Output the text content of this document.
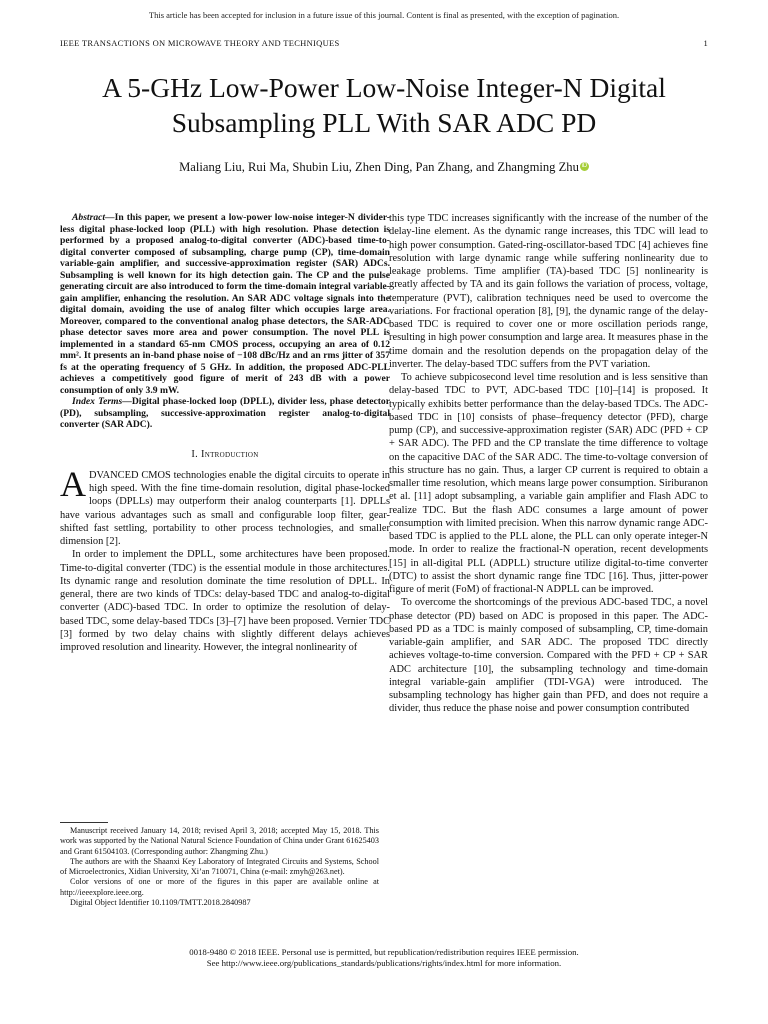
This article has been accepted for inclusion in a future issue of this journal. Content is final as presented, with the exception of pagination.
IEEE TRANSACTIONS ON MICROWAVE THEORY AND TECHNIQUES	1
A 5-GHz Low-Power Low-Noise Integer-N Digital
Subsampling PLL With SAR ADC PD
Maliang Liu, Rui Ma, Shubin Liu, Zhen Ding, Pan Zhang, and Zhangming Zhu iD

Abstract—In this paper, we present a low-power low-noise integer-N divider-less digital phase-locked loop (PLL) with high resolution. Phase detection is performed by a proposed analog-to-digital converter (ADC)-based time-to-digital converter composed of subsampling, charge pump (CP), time-domain variable-gain amplifier, and successive-approximation register (SAR) ADCs. Subsampling is well known for its high detection gain. The CP and the pulse generating circuit are also introduced to form the time-domain integral variable-gain amplifier, enhancing the resolution. An SAR ADC voltage signals into the digital domain, avoiding the use of analog filter which occupies large area. Moreover, compared to the conventional analog phase detectors, the SAR-ADC phase detector saves more area and power consumption. The novel PLL is implemented in a standard 65-nm CMOS process, occupying an area of 0.12 mm². It presents an in-band phase noise of −108 dBc/Hz and an rms jitter of 357 fs at the operating frequency of 5 GHz. In addition, the proposed ADC-PLL achieves a competitively good figure of merit of 243 dB with a power consumption of only 3.9 mW.

Index Terms—Digital phase-locked loop (DPLL), divider less, phase detector (PD), subsampling, successive-approximation register analog-to-digital converter (SAR ADC).

I. Introduction

ADVANCED CMOS technologies enable the digital circuits to operate in high speed. With the fine time-domain resolution, digital phase-locked loops (DPLLs) may outperform their analog counterparts [1]. DPLLs have various advantages such as small and configurable loop filter, gear-shifted fast settling, portability to other process technologies, and smaller dimension [2].

In order to implement the DPLL, some architectures have been proposed. Time-to-digital converter (TDC) is the essential module in those architectures. Its dynamic range and resolution dominate the time resolution of DPLL. In general, there are two kinds of TDCs: delay-based TDC and analog-to-digital converter (ADC)-based TDC. In order to optimize the resolution of delay-based TDC, some delay-based TDCs [3]–[7] have been proposed. Vernier TDC [3] formed by two delay chains with slightly different delays achieves improved resolution and linearity. However, the integral nonlinearity of

Manuscript received January 14, 2018; revised April 3, 2018; accepted May 15, 2018. This work was supported by the National Natural Science Foundation of China under Grant 61625403 and Grant 61504103. (Corresponding author: Zhangming Zhu.)

The authors are with the Shaanxi Key Laboratory of Integrated Circuits and Systems, School of Microelectronics, Xidian University, Xi’an 710071, China (e-mail: zmyh@263.net).

Color versions of one or more of the figures in this paper are available online at http://ieeexplore.ieee.org.

Digital Object Identifier 10.1109/TMTT.2018.2840987

this type TDC increases significantly with the increase of the number of the delay-line element. As the dynamic range increases, this TDC will lead to high power consumption. Gated-ring-oscillator-based TDC [4] achieves fine resolution with large dynamic range while suffering nonlinearity due to leakage problems. Time amplifier (TA)-based TDC [5] nonlinearity is greatly affected by TA and its gain follows the variation of process, voltage, temperature (PVT), calibration techniques need be used to overcome the variations. For fractional operation [8], [9], the dynamic range of the delay-based TDC is required to cover one or more oscillation periods range, resulting in high power consumption and large area. It measures phase in the time domain and the resolution depends on the propagation delay of the inverter. The delay-based TDC suffers from the PVT variation.

To achieve subpicosecond level time resolution and is less sensitive than delay-based TDC to PVT, ADC-based TDC [10]–[14] is proposed. It typically exhibits better performance than the delay-based TDCs. The ADC-based TDC in [10] consists of phase–frequency detector (PFD), charge pump (CP), and successive-approximation register (SAR) ADC (PFD + CP + SAR ADC). The PFD and the CP translate the time difference to voltage on the capacitive DAC of the SAR ADC. The time-to-voltage conversion of this structure has no gain. Thus, a larger CP current is required to obtain a smaller time resolution, which means large power consumption. Siriburanon et al. [11] adopt subsampling, a variable gain amplifier and Flash ADC to realize TDC. But the flash ADC consumes a large amount of power consumption with limited precision. When this narrow dynamic range ADC-based TDC is applied to the PLL alone, the PLL can only operate integer-N mode. In order to realize the fractional-N operation, recent developments [15] in all-digital PLL (ADPLL) structure utilize digital-to-time converter (DTC) to assist the short dynamic range fine TDC [16]. Thus, jitter-power figure of merit (FoM) of fractional-N ADPLL can be improved.

To overcome the shortcomings of the previous ADC-based TDC, a novel phase detector (PD) based on ADC is proposed in this paper. The ADC-based PD as a TDC is mainly composed of subsampling, CP, time-domain variable-gain amplifier, and SAR ADC. The proposed TDC directly achieves voltage-to-time conversion. Compared with the PFD + CP + SAR ADC architecture [10], the subsampling technology and time-domain integral variable-gain amplifier (TDI-VGA) were introduced. The subsampling technology has higher gain than PFD, and does not require a divider, thus reduce the phase noise and power consumption contributed

0018-9480 © 2018 IEEE. Personal use is permitted, but republication/redistribution requires IEEE permission.
See http://www.ieee.org/publications_standards/publications/rights/index.html for more information.
